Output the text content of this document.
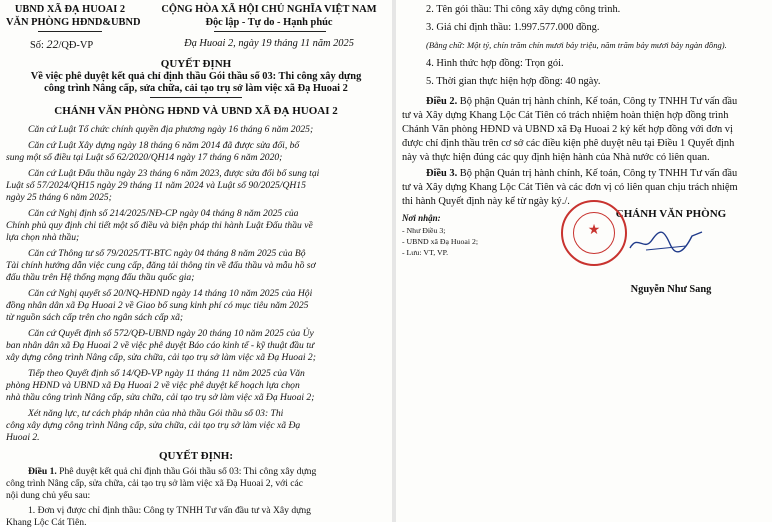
UBND XÃ ĐẠ HUOAI 2
VĂN PHÒNG HĐND&UBND
Số: 22/QĐ-VP
CỘNG HÒA XÃ HỘI CHỦ NGHĨA VIỆT NAM
Độc lập - Tự do - Hạnh phúc
Đạ Huoai 2, ngày 19 tháng 11 năm 2025
QUYẾT ĐỊNH
Về việc phê duyệt kết quả chỉ định thầu Gói thầu số 03: Thi công xây dựng
công trình Nâng cấp, sửa chữa, cải tạo trụ sở làm việc xã Đạ Huoai 2
CHÁNH VĂN PHÒNG HĐND VÀ UBND XÃ ĐẠ HUOAI 2
Căn cứ Luật Tổ chức chính quyền địa phương ngày 16 tháng 6 năm 2025;
Căn cứ Luật Xây dựng ngày 18 tháng 6 năm 2014 đã được sửa đổi, bổ
sung một số điều tại Luật số 62/2020/QH14 ngày 17 tháng 6 năm 2020;
Căn cứ Luật Đấu thầu ngày 23 tháng 6 năm 2023, được sửa đổi bổ sung tại
Luật số 57/2024/QH15 ngày 29 tháng 11 năm 2024 và Luật số 90/2025/QH15
ngày 25 tháng 6 năm 2025;
Căn cứ Nghị định số 214/2025/NĐ-CP ngày 04 tháng 8 năm 2025 của
Chính phủ quy định chi tiết một số điều và biện pháp thi hành Luật Đấu thầu về
lựa chọn nhà thầu;
Căn cứ Thông tư số 79/2025/TT-BTC ngày 04 tháng 8 năm 2025 của Bộ
Tài chính hướng dẫn việc cung cấp, đăng tải thông tin về đấu thầu và mẫu hồ sơ
đấu thầu trên Hệ thống mạng đấu thầu quốc gia;
Căn cứ Nghị quyết số 20/NQ-HĐND ngày 14 tháng 10 năm 2025 của Hội
đồng nhân dân xã Đạ Huoai 2 về Giao bổ sung kinh phí có mục tiêu năm 2025
từ nguồn sách cấp trên cho ngân sách cấp xã;
Căn cứ Quyết định số 572/QĐ-UBND ngày 20 tháng 10 năm 2025 của Ủy
ban nhân dân xã Đạ Huoai 2 về việc phê duyệt Báo cáo kinh tế - kỹ thuật đầu tư
xây dựng công trình Nâng cấp, sửa chữa, cải tạo trụ sở làm việc xã Đạ Huoai 2;
Tiếp theo Quyết định số 14/QĐ-VP ngày 11 tháng 11 năm 2025 của Văn
phòng HĐND và UBND xã Đạ Huoai 2 về việc phê duyệt kế hoạch lựa chọn
nhà thầu công trình Nâng cấp, sửa chữa, cải tạo trụ sở làm việc xã Đạ Huoai 2;
Xét năng lực, tư cách pháp nhân của nhà thầu Gói thầu số 03: Thi
công xây dựng công trình Nâng cấp, sửa chữa, cải tạo trụ sở làm việc xã Đạ
Huoai 2.
QUYẾT ĐỊNH:
Điều 1. Phê duyệt kết quả chỉ định thầu Gói thầu số 03: Thi công xây dựng
công trình Nâng cấp, sửa chữa, cải tạo trụ sở làm việc xã Đạ Huoai 2, với các
nội dung chủ yếu sau:
1. Đơn vị được chỉ định thầu: Công ty TNHH Tư vấn đầu tư và Xây dựng
Khang Lộc Cát Tiên.
2. Tên gói thầu: Thi công xây dựng công trình.
3. Giá chỉ định thầu: 1.997.577.000 đồng.
(Bằng chữ: Một tỷ, chín trăm chín mươi bảy triệu, năm trăm bảy mươi bảy ngàn đồng).
4. Hình thức hợp đồng: Trọn gói.
5. Thời gian thực hiện hợp đồng: 40 ngày.
Điều 2. Bộ phận Quản trị hành chính, Kế toán, Công ty TNHH Tư vấn đầu
tư và Xây dựng Khang Lộc Cát Tiên có trách nhiệm hoàn thiện hợp đồng trình
Chánh Văn phòng HĐND và UBND xã Đạ Huoai 2 ký kết hợp đồng với đơn vị
được chỉ định thầu trên cơ sở các điều kiện phê duyệt nêu tại Điều 1 Quyết định
này và thực hiện đúng các quy định hiện hành của Nhà nước có liên quan.
Điều 3. Bộ phận Quản trị hành chính, Kế toán, Công ty TNHH Tư vấn đầu
tư và Xây dựng Khang Lộc Cát Tiên và các đơn vị có liên quan chịu trách nhiệm
thi hành Quyết định này kể từ ngày ký./.
Nơi nhận:
- Như Điều 3;
- UBND xã Đạ Huoai 2;
- Lưu: VT, VP.
CHÁNH VĂN PHÒNG
★
Nguyễn Như Sang
